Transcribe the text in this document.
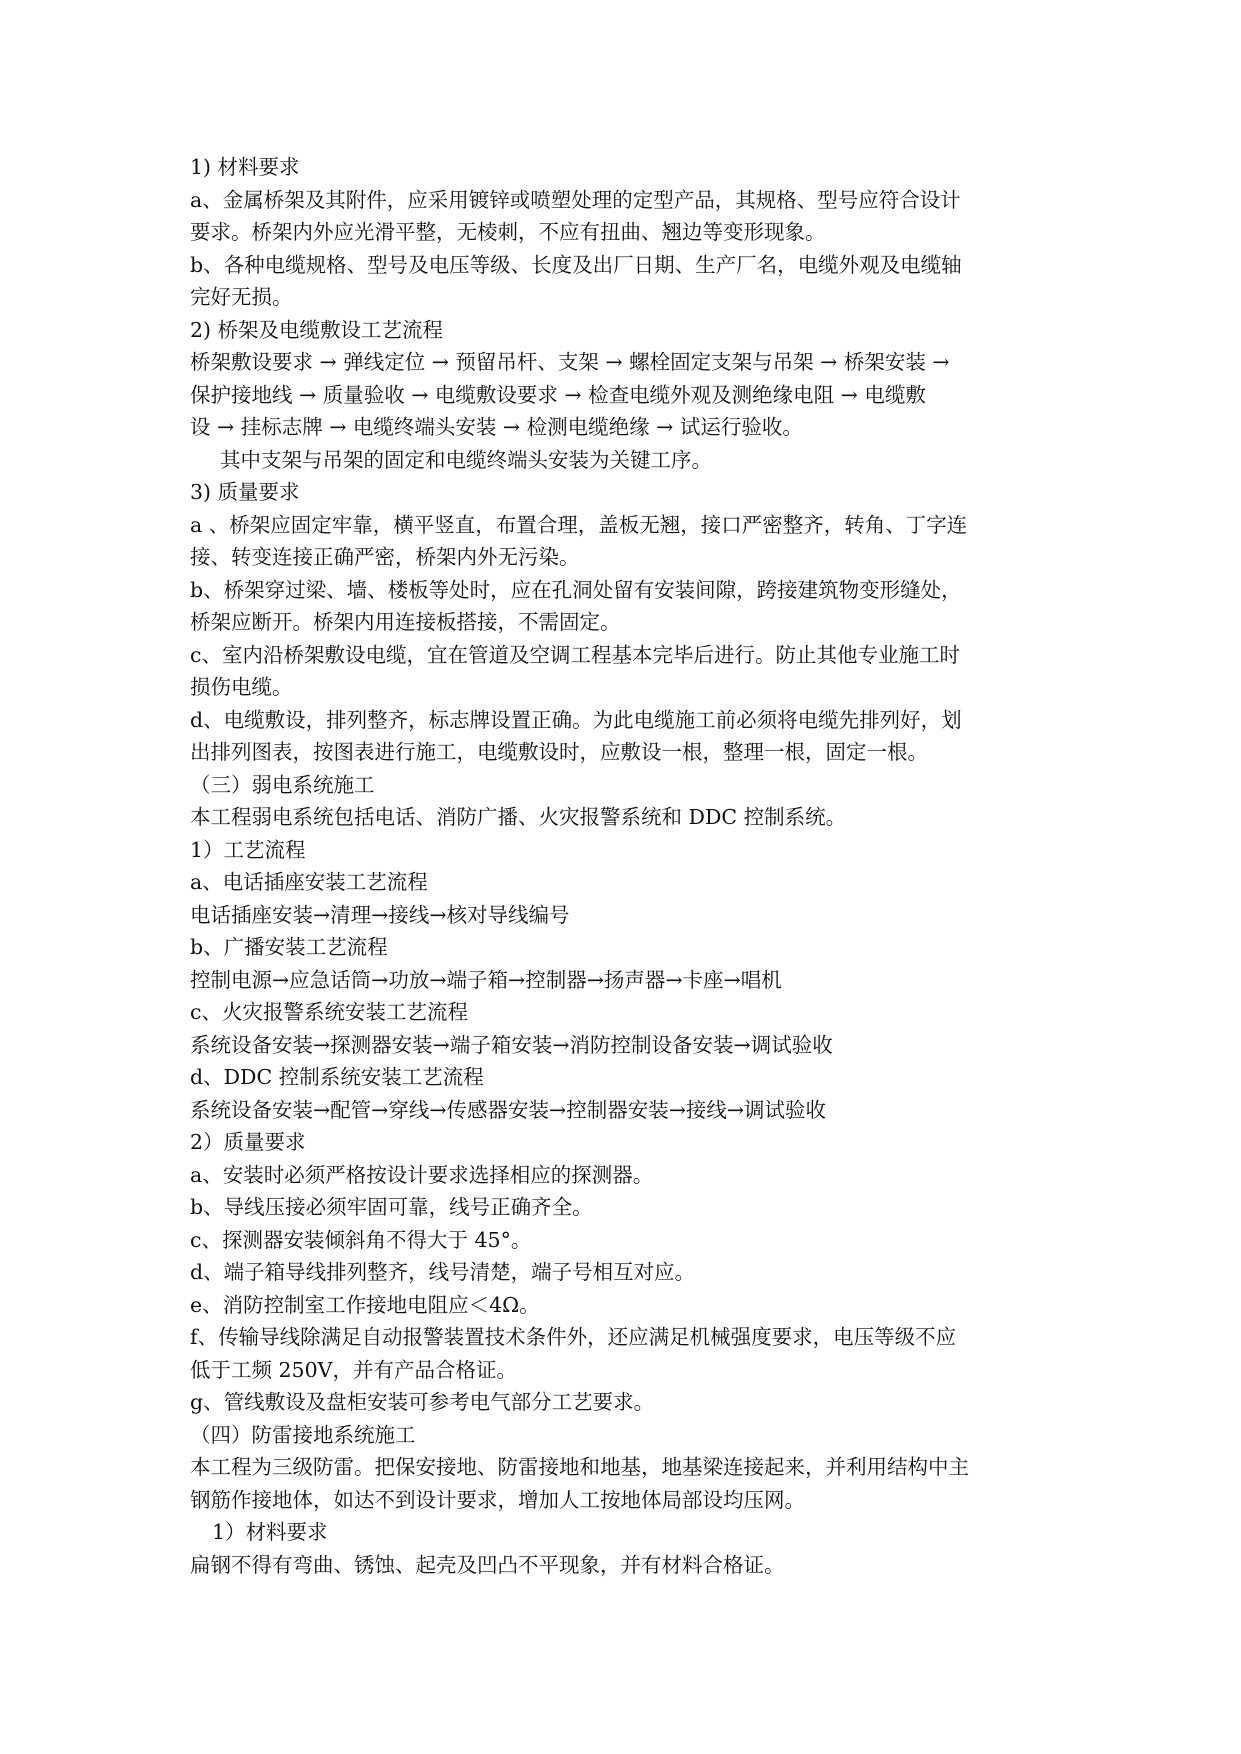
1) 材料要求
a、金属桥架及其附件，应采用镀锌或喷塑处理的定型产品，其规格、型号应符合设计
要求。桥架内外应光滑平整，无棱刺，不应有扭曲、翘边等变形现象。
b、各种电缆规格、型号及电压等级、长度及出厂日期、生产厂名，电缆外观及电缆轴
完好无损。
2) 桥架及电缆敷设工艺流程
桥架敷设要求 → 弹线定位 → 预留吊杆、支架 → 螺栓固定支架与吊架 → 桥架安装 →
保护接地线 → 质量验收 → 电缆敷设要求 → 检查电缆外观及测绝缘电阻 → 电缆敷
设 → 挂标志牌 → 电缆终端头安装 → 检测电缆绝缘 → 试运行验收。
其中支架与吊架的固定和电缆终端头安装为关键工序。
3) 质量要求
a 、桥架应固定牢靠，横平竖直，布置合理，盖板无翘，接口严密整齐，转角、丁字连
接、转变连接正确严密，桥架内外无污染。
b、桥架穿过梁、墙、楼板等处时，应在孔洞处留有安装间隙，跨接建筑物变形缝处，
桥架应断开。桥架内用连接板搭接，不需固定。
c、室内沿桥架敷设电缆，宜在管道及空调工程基本完毕后进行。防止其他专业施工时
损伤电缆。
d、电缆敷设，排列整齐，标志牌设置正确。为此电缆施工前必须将电缆先排列好，划
出排列图表，按图表进行施工，电缆敷设时，应敷设一根，整理一根，固定一根。
（三）弱电系统施工
本工程弱电系统包括电话、消防广播、火灾报警系统和 DDC 控制系统。
1）工艺流程
a、电话插座安装工艺流程
电话插座安装→清理→接线→核对导线编号
b、广播安装工艺流程
控制电源→应急话筒→功放→端子箱→控制器→扬声器→卡座→唱机
c、火灾报警系统安装工艺流程
系统设备安装→探测器安装→端子箱安装→消防控制设备安装→调试验收
d、DDC 控制系统安装工艺流程
系统设备安装→配管→穿线→传感器安装→控制器安装→接线→调试验收
2）质量要求
a、安装时必须严格按设计要求选择相应的探测器。
b、导线压接必须牢固可靠，线号正确齐全。
c、探测器安装倾斜角不得大于 45°。
d、端子箱导线排列整齐，线号清楚，端子号相互对应。
e、消防控制室工作接地电阻应＜4Ω。
f、传输导线除满足自动报警装置技术条件外，还应满足机械强度要求，电压等级不应
低于工频 250V，并有产品合格证。
g、管线敷设及盘柜安装可参考电气部分工艺要求。
（四）防雷接地系统施工
本工程为三级防雷。把保安接地、防雷接地和地基，地基梁连接起来，并利用结构中主
钢筋作接地体，如达不到设计要求，增加人工按地体局部设均压网。
1）材料要求
扁钢不得有弯曲、锈蚀、起壳及凹凸不平现象，并有材料合格证。
